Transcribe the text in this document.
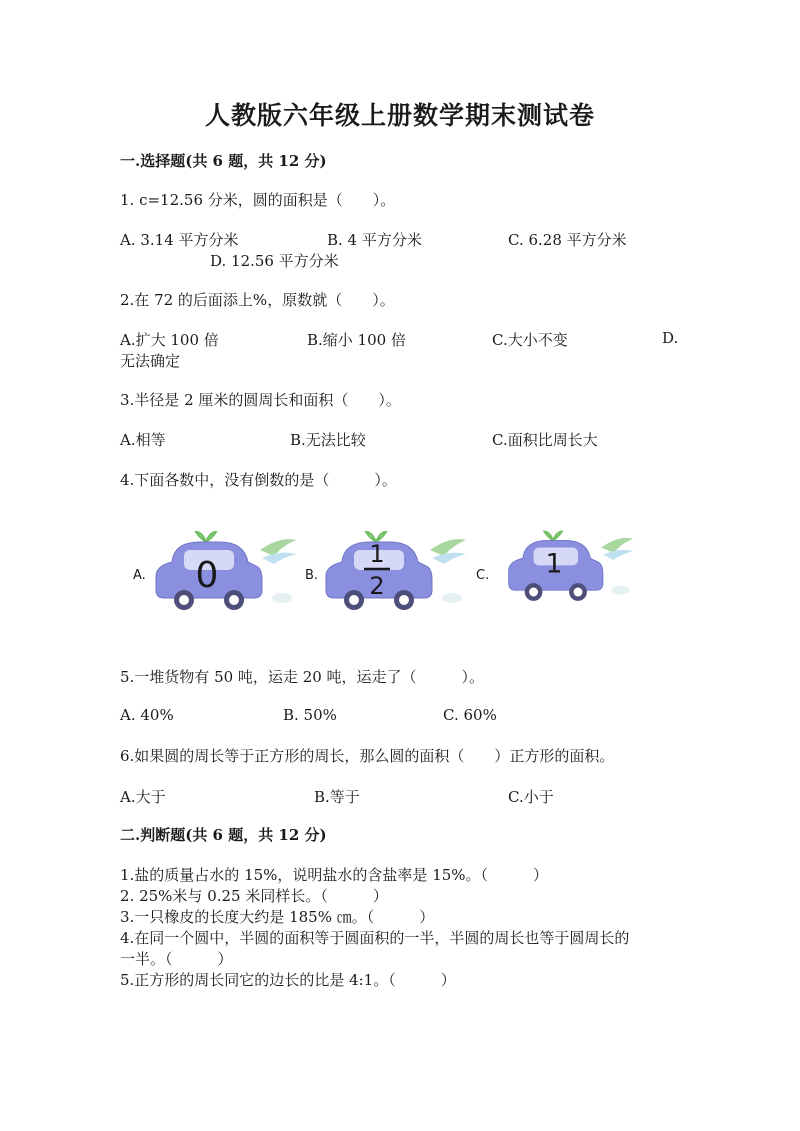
人教版六年级上册数学期末测试卷
一.选择题(共 6 题，共 12 分)
1. c=12.56 分米，圆的面积是（　　）。
A. 3.14 平方分米	B. 4 平方分米	C. 6.28 平方分米
D. 12.56 平方分米
2.在 72 的后面添上%，原数就（　　）。
A.扩大 100 倍	B.缩小 100 倍	C.大小不变	D.
无法确定
3.半径是 2 厘米的圆周长和面积（　　）。
A.相等	B.无法比较	C.面积比周长大
4.下面各数中，没有倒数的是（　　　）。
A. 0	B.
1
2	C. 1
5.一堆货物有 50 吨，运走 20 吨，运走了（　　　）。
A. 40%	B. 50%	C. 60%
6.如果圆的周长等于正方形的周长，那么圆的面积（　　）正方形的面积。
A.大于	B.等于	C.小于
二.判断题(共 6 题，共 12 分)
1.盐的质量占水的 15%，说明盐水的含盐率是 15%。（　　　）
2. 25%米与 0.25 米同样长。（　　　）
3.一只橡皮的长度大约是 185% ㎝。（　　　）
4.在同一个圆中，半圆的面积等于圆面积的一半，半圆的周长也等于圆周长的
一半。（　　　）
5.正方形的周长同它的边长的比是 4:1。（　　　）
